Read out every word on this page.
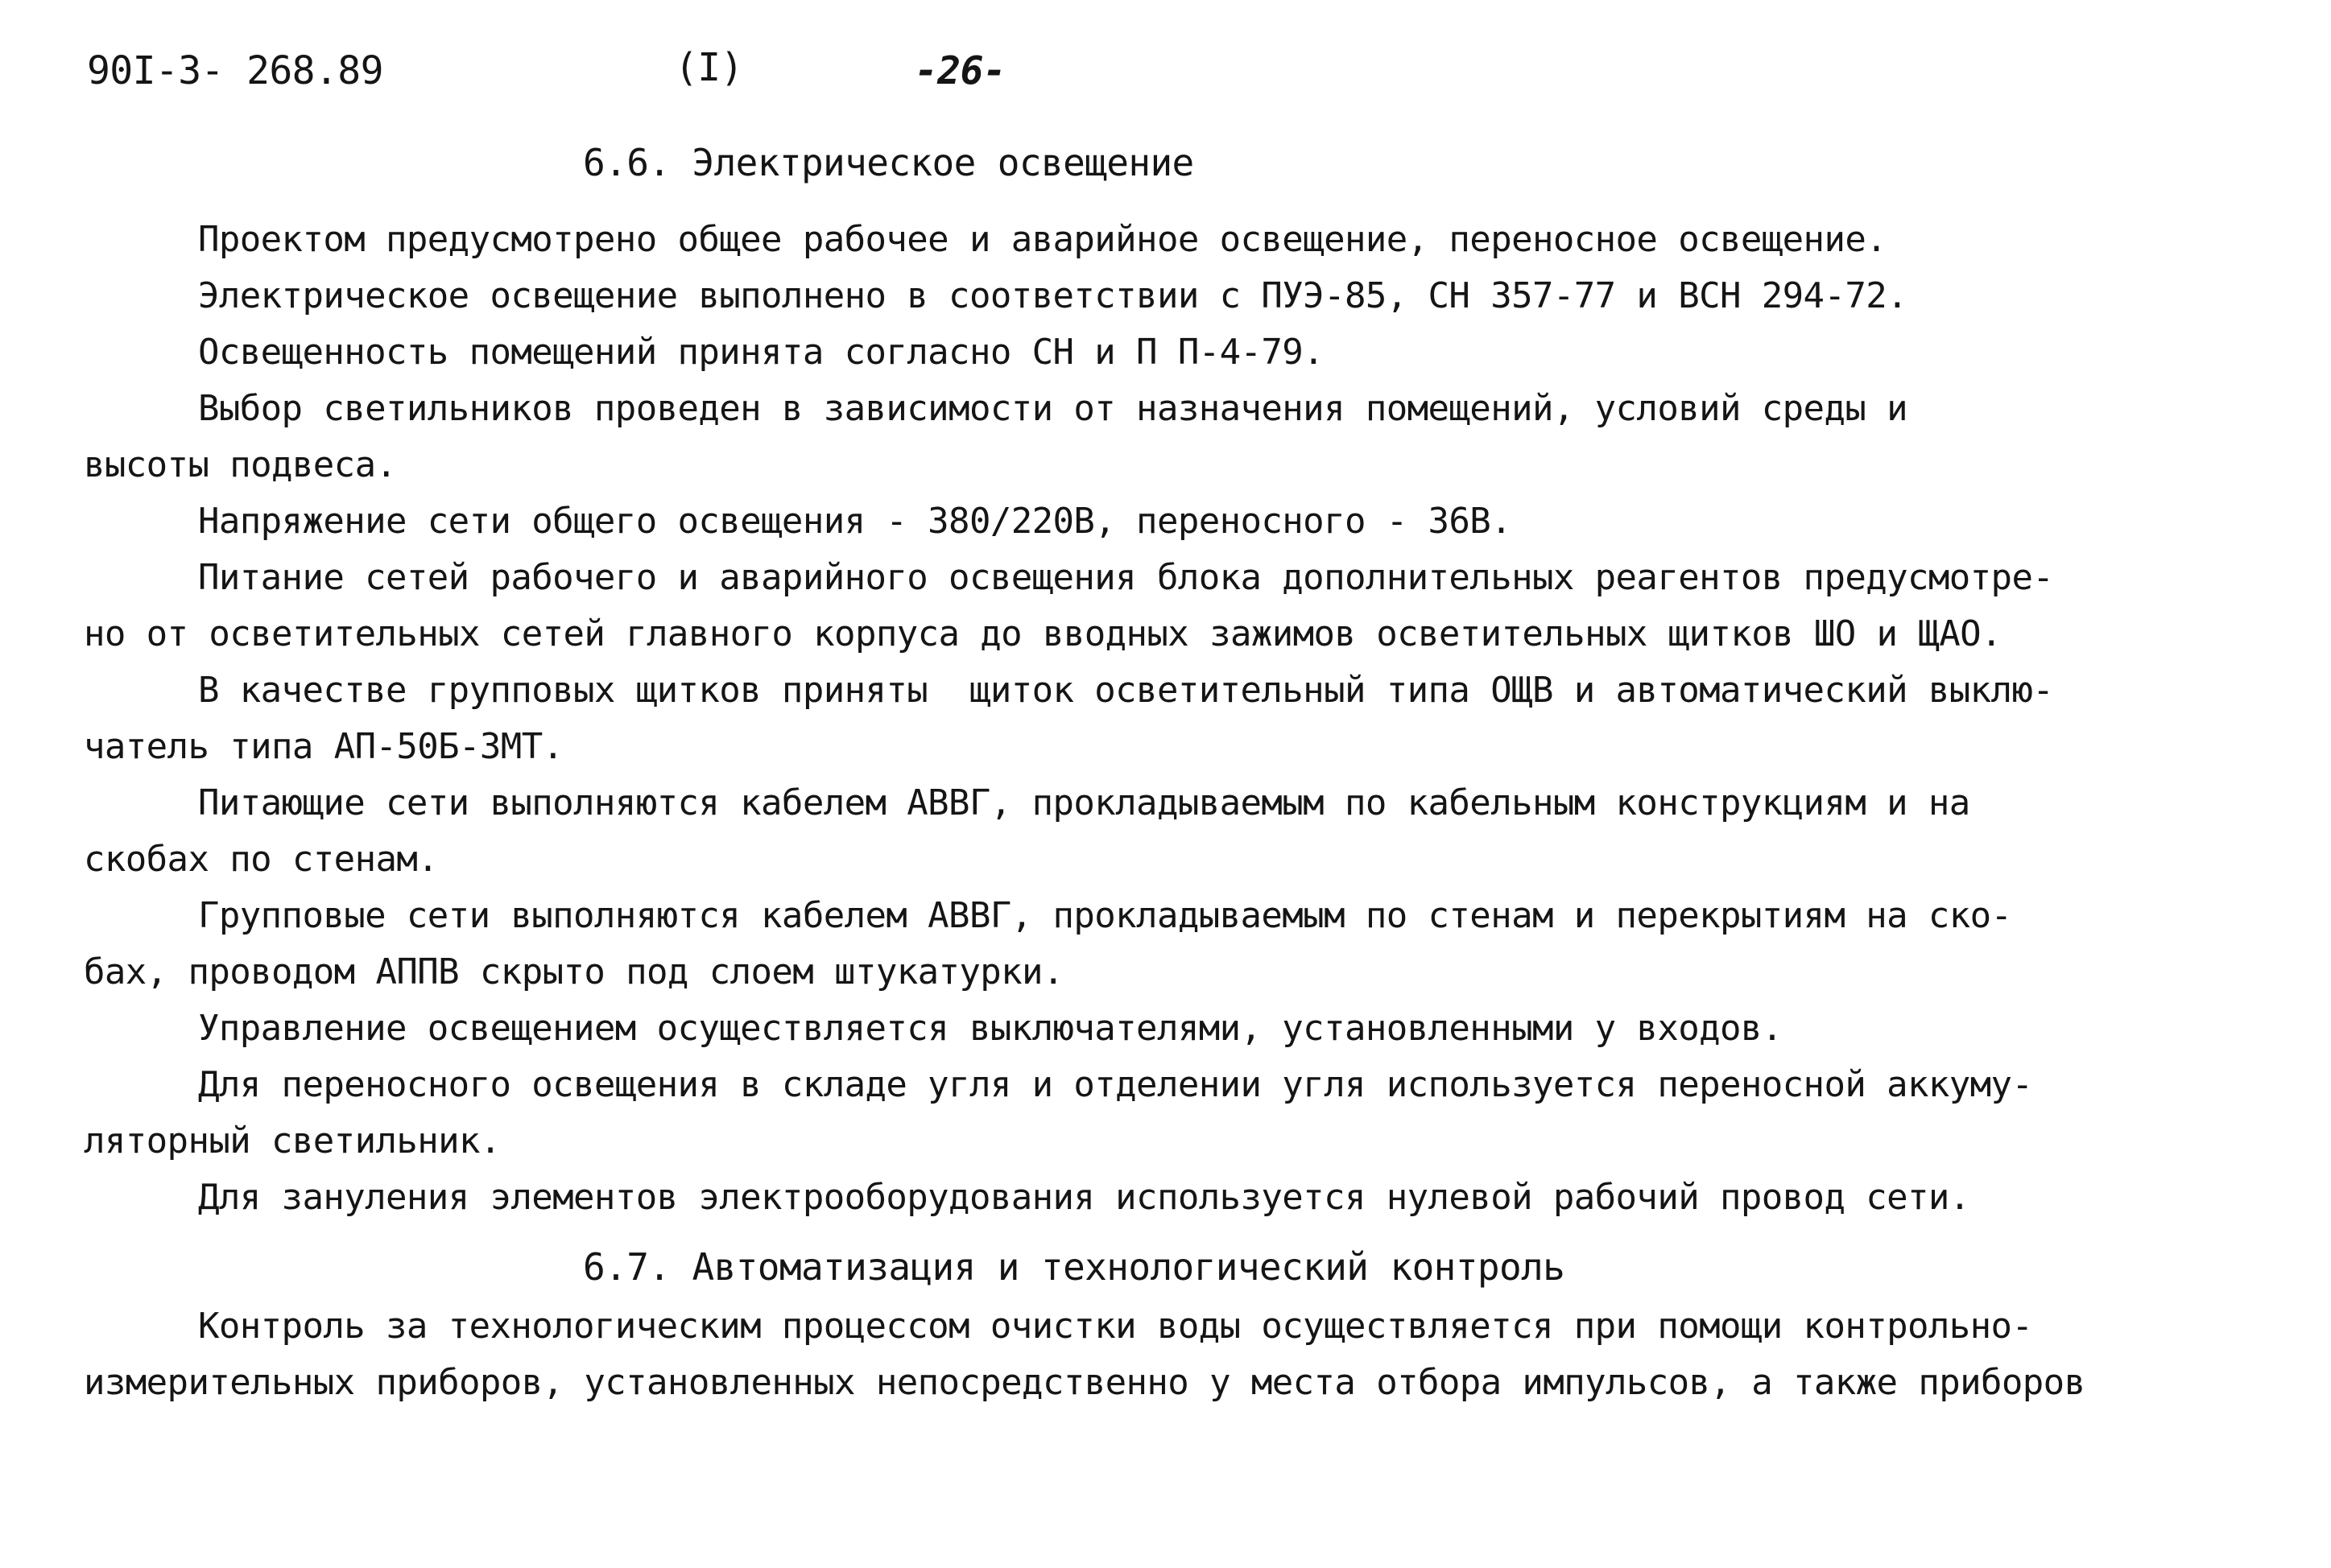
90I-3- 268.89	(I)	-26-
6.6. Электрическое освещение
Проектом предусмотрено общее рабочее и аварийное освещение, переносное освещение.
Электрическое освещение выполнено в соответствии с ПУЭ-85, СН 357-77 и ВСН 294-72.
Освещенность помещений принята согласно СН и П П-4-79.
Выбор светильников проведен в зависимости от назначения помещений, условий среды и
высоты подвеса.
Напряжение сети общего освещения - 380/220В, переносного - 36В.
Питание сетей рабочего и аварийного освещения блока дополнительных реагентов предусмотре-
но от осветительных сетей главного корпуса до вводных зажимов осветительных щитков ШО и ЩАО.
В качестве групповых щитков приняты  щиток осветительный типа ОЩВ и автоматический выклю-
чатель типа АП-50Б-3МТ.
Питающие сети выполняются кабелем АВВГ, прокладываемым по кабельным конструкциям и на
скобах по стенам.
Групповые сети выполняются кабелем АВВГ, прокладываемым по стенам и перекрытиям на ско-
бах, проводом АППВ скрыто под слоем штукатурки.
Управление освещением осуществляется выключателями, установленными у входов.
Для переносного освещения в складе угля и отделении угля используется переносной аккуму-
ляторный светильник.
Для зануления элементов электрооборудования используется нулевой рабочий провод сети.
6.7. Автоматизация и технологический контроль
Контроль за технологическим процессом очистки воды осуществляется при помощи контрольно-
измерительных приборов, установленных непосредственно у места отбора импульсов, а также приборов
